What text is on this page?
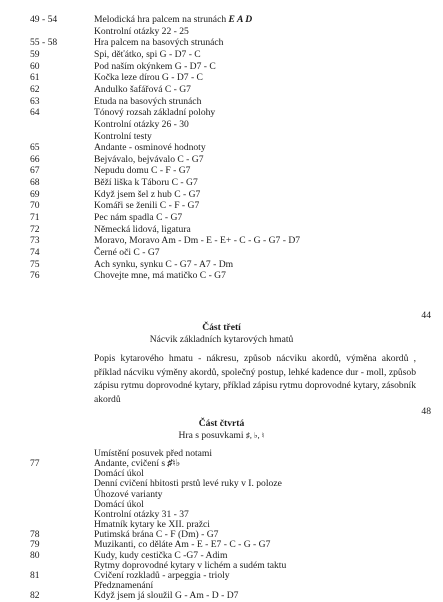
49 - 54	Melodická hra palcem na strunách E A D
Kontrolní otázky 22 - 25
55 - 58	Hra palcem na basových strunách
59	Spi, děťátko, spi G - D7 - C
60	Pod naším okýnkem G - D7 - C
61	Kočka leze dírou G - D7 - C
62	Andulko šafářová C - G7
63	Etuda na basových strunách
64	Tónový rozsah základní polohy
Kontrolní otázky 26 - 30
Kontrolní testy
65	Andante - osminové hodnoty
66	Bejvávalo, bejvávalo C - G7
67	Nepudu domu C - F - G7
68	Běží liška k Táboru C - G7
69	Když jsem šel z hub C - G7
70	Komáři se ženili C - F - G7
71	Pec nám spadla C - G7
72	Německá lidová, ligatura
73	Moravo, Moravo Am - Dm - E - E+ - C - G - G7 - D7
74	Černé oči C - G7
75	Ach synku, synku C - G7 - A7 - Dm
76	Chovejte mne, má matičko C - G7
44
Část třetí
Nácvik základních kytarových hmatů
Popis kytarového hmatu - nákresu, způsob nácviku akordů, výměna akordů , příklad nácviku výměny akordů, společný postup, lehké kadence dur - moll, způsob zápisu rytmu doprovodné kytary, příklad zápisu rytmu doprovodné kytary, zásobník akordů
48
Část čtvrtá
Hra s posuvkami ♯, ♭, ♮
Umístění posuvek před notami
77	Andante, cvičení s ♯♮♭
Domácí úkol
Denní cvičení hbitosti prstů levé ruky v I. poloze
Úhozové varianty
Domácí úkol
Kontrolní otázky 31 - 37
Hmatník kytary ke XII. pražci
78	Putimská brána C - F (Dm) - G7
79	Muzikanti, co děláte Am - E - E7 - C - G - G7
80	Kudy, kudy cestička C -G7 - Adim
Rytmy doprovodné kytary v lichém a sudém taktu
81	Cvičení rozkladů - arpeggia - trioly
Předznamenání
82	Když jsem já sloužil G - Am - D - D7
